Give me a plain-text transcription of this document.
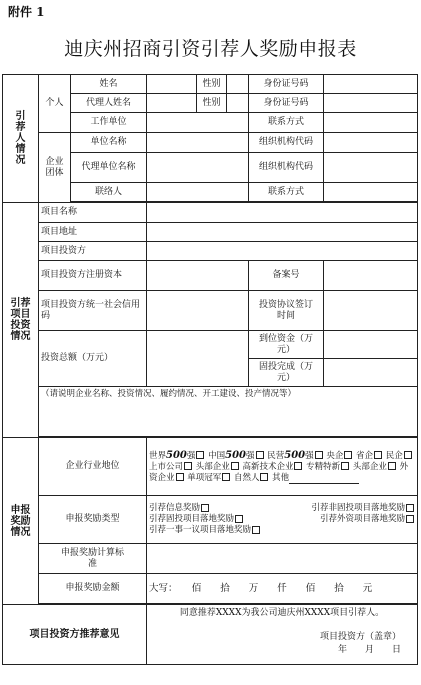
附件 1
迪庆州招商引资引荐人奖励申报表
引荐人情况	个人	姓名		性别		身份证号码	
		代理人姓名		性别		身份证号码	
		工作单位				联系方式	
	企业团体	单位名称				组织机构代码	
		代理单位名称				组织机构代码	
		联络人				联系方式	

引荐项目投资情况	项目名称						
	项目地址						
	项目投资方						
	项目投资方注册资本					备案号	
	项目投资方统一社会信用码					投资协议签订时间	
	投资总额（万元）					到位资金（万元）	
						固投完成（万元）	
	（请说明企业名称、投资情况、履约情况、开工建设、投产情况等）						

申报奖励情况	企业行业地位		世界500强 中国500强 民营500强 央企 省企 民企 上市公司 头部企业 高新技术企业 专精特新 头部企业 外资企业 单项冠军 自然人 其他				
	申报奖励类型		引荐信息奖励 引荐非固投项目落地奖励
引荐固投项目落地奖励 引荐外资项目落地奖励
引荐一事一议项目落地奖励				

	申报奖励计算标准						
	申报奖励金额		大写：　　佰　　拾　　万　　仟　　佰　　拾　　元				

项目投资方推荐意见			同意推荐XXXX为我公司迪庆州XXXX项目引荐人。
项目投资方（盖章）
年　　月　　日				
